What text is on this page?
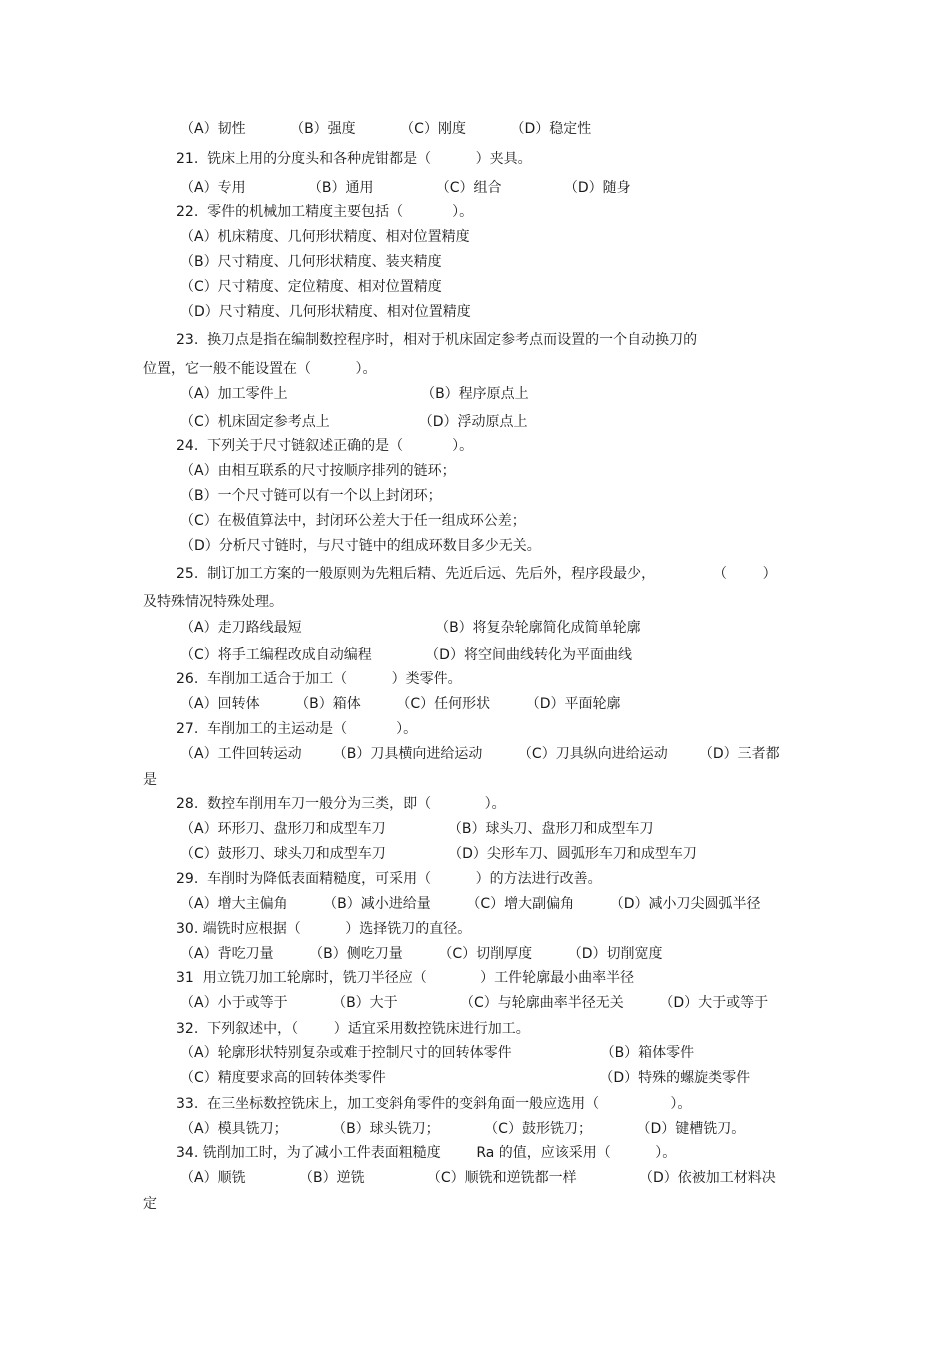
（A）韧性          （B）强度          （C）刚度          （D）稳定性
21.  铣床上用的分度头和各种虎钳都是（          ）夹具。
（A）专用              （B）通用              （C）组合              （D）随身
22.  零件的机械加工精度主要包括（           ）。
（A）机床精度、几何形状精度、相对位置精度
（B）尺寸精度、几何形状精度、装夹精度
（C）尺寸精度、定位精度、相对位置精度
（D）尺寸精度、几何形状精度、相对位置精度
23.  换刀点是指在编制数控程序时，相对于机床固定参考点而设置的一个自动换刀的
位置，它一般不能设置在（          ）。
（A）加工零件上                              （B）程序原点上
（C）机床固定参考点上                    （D）浮动原点上
24.  下列关于尺寸链叙述正确的是（           ）。
（A）由相互联系的尺寸按顺序排列的链环；
（B）一个尺寸链可以有一个以上封闭环；
（C）在极值算法中，封闭环公差大于任一组成环公差；
（D）分析尺寸链时，与尺寸链中的组成环数目多少无关。
25.  制订加工方案的一般原则为先粗后精、先近后远、先后外，程序段最少，             （        ）
及特殊情况特殊处理。
（A）走刀路线最短                              （B）将复杂轮廓简化成简单轮廓
（C）将手工编程改成自动编程            （D）将空间曲线转化为平面曲线
26.  车削加工适合于加工（          ）类零件。
（A）回转体        （B）箱体        （C）任何形状        （D）平面轮廓
27.  车削加工的主运动是（           ）。
（A）工件回转运动       （B）刀具横向进给运动        （C）刀具纵向进给运动       （D）三者都
是
28.  数控车削用车刀一般分为三类，即（            ）。
（A）环形刀、盘形刀和成型车刀              （B）球头刀、盘形刀和成型车刀
（C）鼓形刀、球头刀和成型车刀              （D）尖形车刀、圆弧形车刀和成型车刀
29.  车削时为降低表面精糙度，可采用（          ）的方法进行改善。
（A）增大主偏角        （B）减小进给量        （C）增大副偏角        （D）减小刀尖圆弧半径
30. 端铣时应根据（          ）选择铣刀的直径。
（A）背吃刀量        （B）侧吃刀量        （C）切削厚度        （D）切削宽度
31  用立铣刀加工轮廓时，铣刀半径应（            ）工件轮廓最小曲率半径
（A）小于或等于          （B）大于              （C）与轮廓曲率半径无关        （D）大于或等于
32.  下列叙述中，（        ）适宜采用数控铣床进行加工。
（A）轮廓形状特别复杂或难于控制尺寸的回转体零件                    （B）箱体零件
（C）精度要求高的回转体类零件                                                （D）特殊的螺旋类零件
33.  在三坐标数控铣床上，加工变斜角零件的变斜角面一般应选用（                ）。
（A）模具铣刀；          （B）球头铣刀；          （C）鼓形铣刀；          （D）键槽铣刀。
34. 铣削加工时，为了减小工件表面粗糙度        Ra 的值，应该采用（          ）。
（A）顺铣            （B）逆铣              （C）顺铣和逆铣都一样              （D）依被加工材料决
定
